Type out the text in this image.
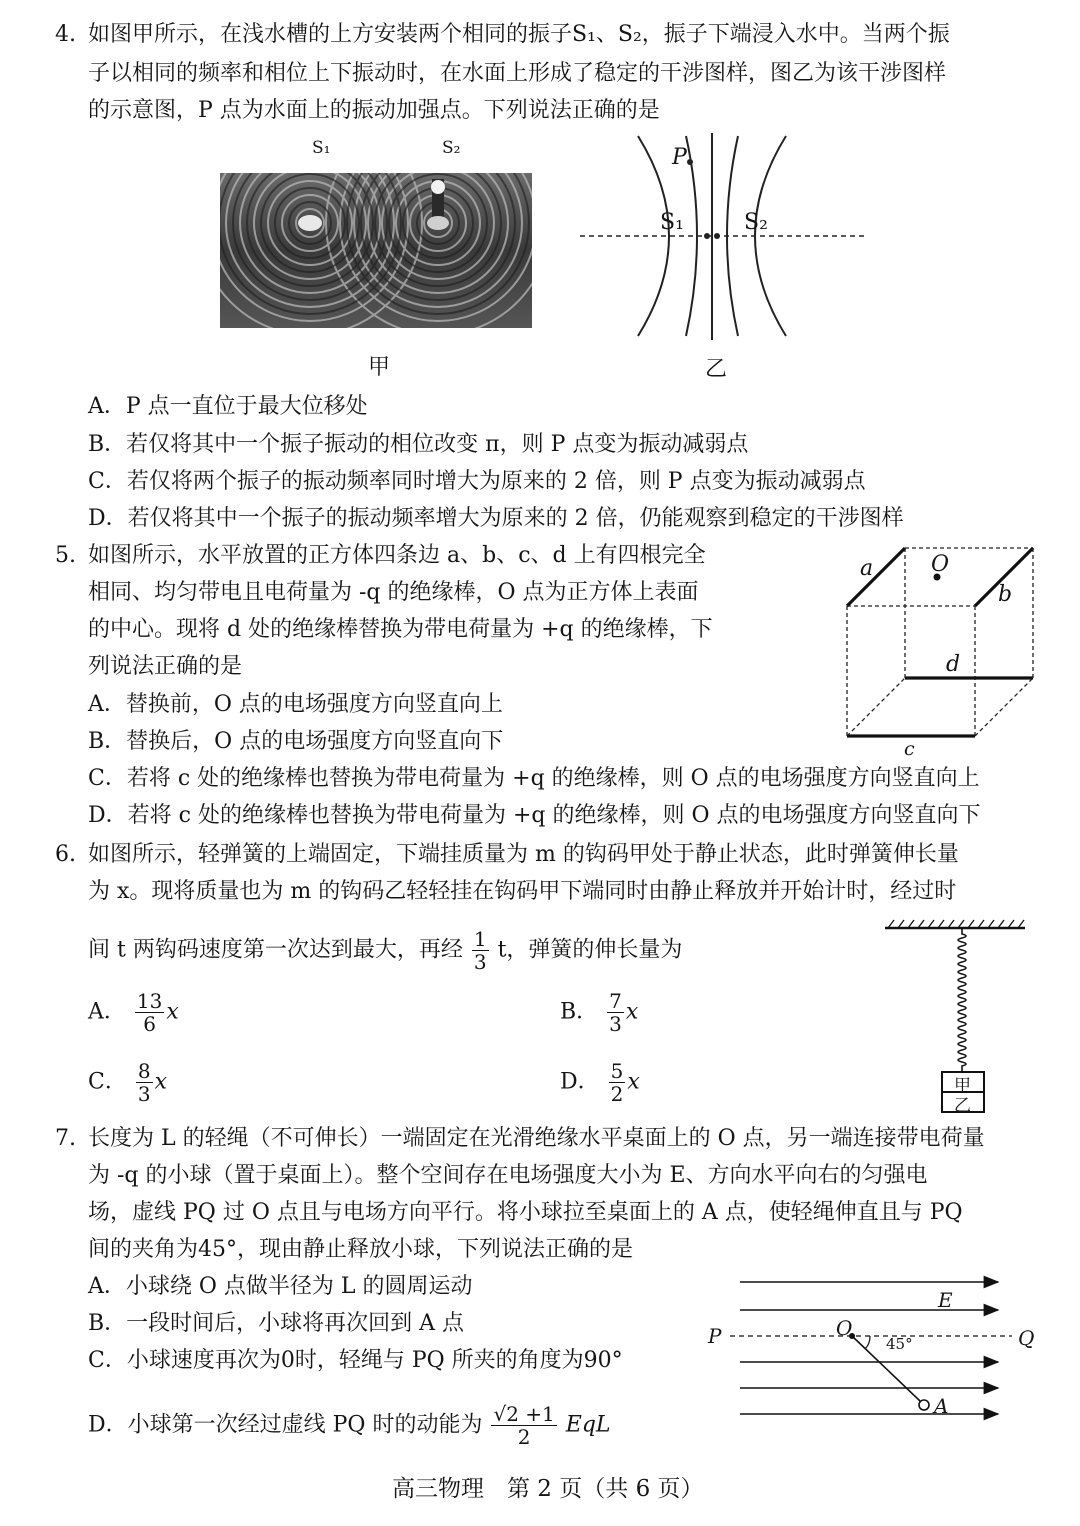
4. 如图甲所示，在浅水槽的上方安装两个相同的振子S₁、S₂，振子下端浸入水中。当两个振
子以相同的频率和相位上下振动时，在水面上形成了稳定的干涉图样，图乙为该干涉图样
的示意图，P 点为水面上的振动加强点。下列说法正确的是
S₁	S₂
甲
P
S₁	S₂
乙
A．P 点一直位于最大位移处
B．若仅将其中一个振子振动的相位改变 π，则 P 点变为振动减弱点
C．若仅将两个振子的振动频率同时增大为原来的 2 倍，则 P 点变为振动减弱点
D．若仅将其中一个振子的振动频率增大为原来的 2 倍，仍能观察到稳定的干涉图样
5. 如图所示，水平放置的正方体四条边 a、b、c、d 上有四根完全
相同、均匀带电且电荷量为 -q 的绝缘棒，O 点为正方体上表面
的中心。现将 d 处的绝缘棒替换为带电荷量为 +q 的绝缘棒，下
列说法正确的是
A．替换前，O 点的电场强度方向竖直向上
B．替换后，O 点的电场强度方向竖直向下
C．若将 c 处的绝缘棒也替换为带电荷量为 +q 的绝缘棒，则 O 点的电场强度方向竖直向上
D．若将 c 处的绝缘棒也替换为带电荷量为 +q 的绝缘棒，则 O 点的电场强度方向竖直向下
a
b
c
d
O
6. 如图所示，轻弹簧的上端固定，下端挂质量为 m 的钩码甲处于静止状态，此时弹簧伸长量
为 x。现将质量也为 m 的钩码乙轻轻挂在钩码甲下端同时由静止释放并开始计时，经过时
间 t 两钩码速度第一次达到最大，再经 $\frac{1}{3}$ t，弹簧的伸长量为
A． $\frac{13}{6}$ x	B． $\frac{7}{3}$ x
C． $\frac{8}{3}$ x	D． $\frac{5}{2}$ x	甲
乙
7. 长度为 L 的轻绳（不可伸长）一端固定在光滑绝缘水平桌面上的 O 点，另一端连接带电荷量
为 -q 的小球（置于桌面上）。整个空间存在电场强度大小为 E、方向水平向右的匀强电
场，虚线 PQ 过 O 点且与电场方向平行。将小球拉至桌面上的 A 点，使轻绳伸直且与 PQ
间的夹角为45°，现由静止释放小球，下列说法正确的是
A．小球绕 O 点做半径为 L 的圆周运动
B．一段时间后，小球将再次回到 A 点
C．小球速度再次为0时，轻绳与 PQ 所夹的角度为90°
D．小球第一次经过虚线 PQ 时的动能为 $\frac{√2 +1}{2}$ EqL
E
P	Q
O
A
45°
高三物理　第 2 页（共 6 页）
